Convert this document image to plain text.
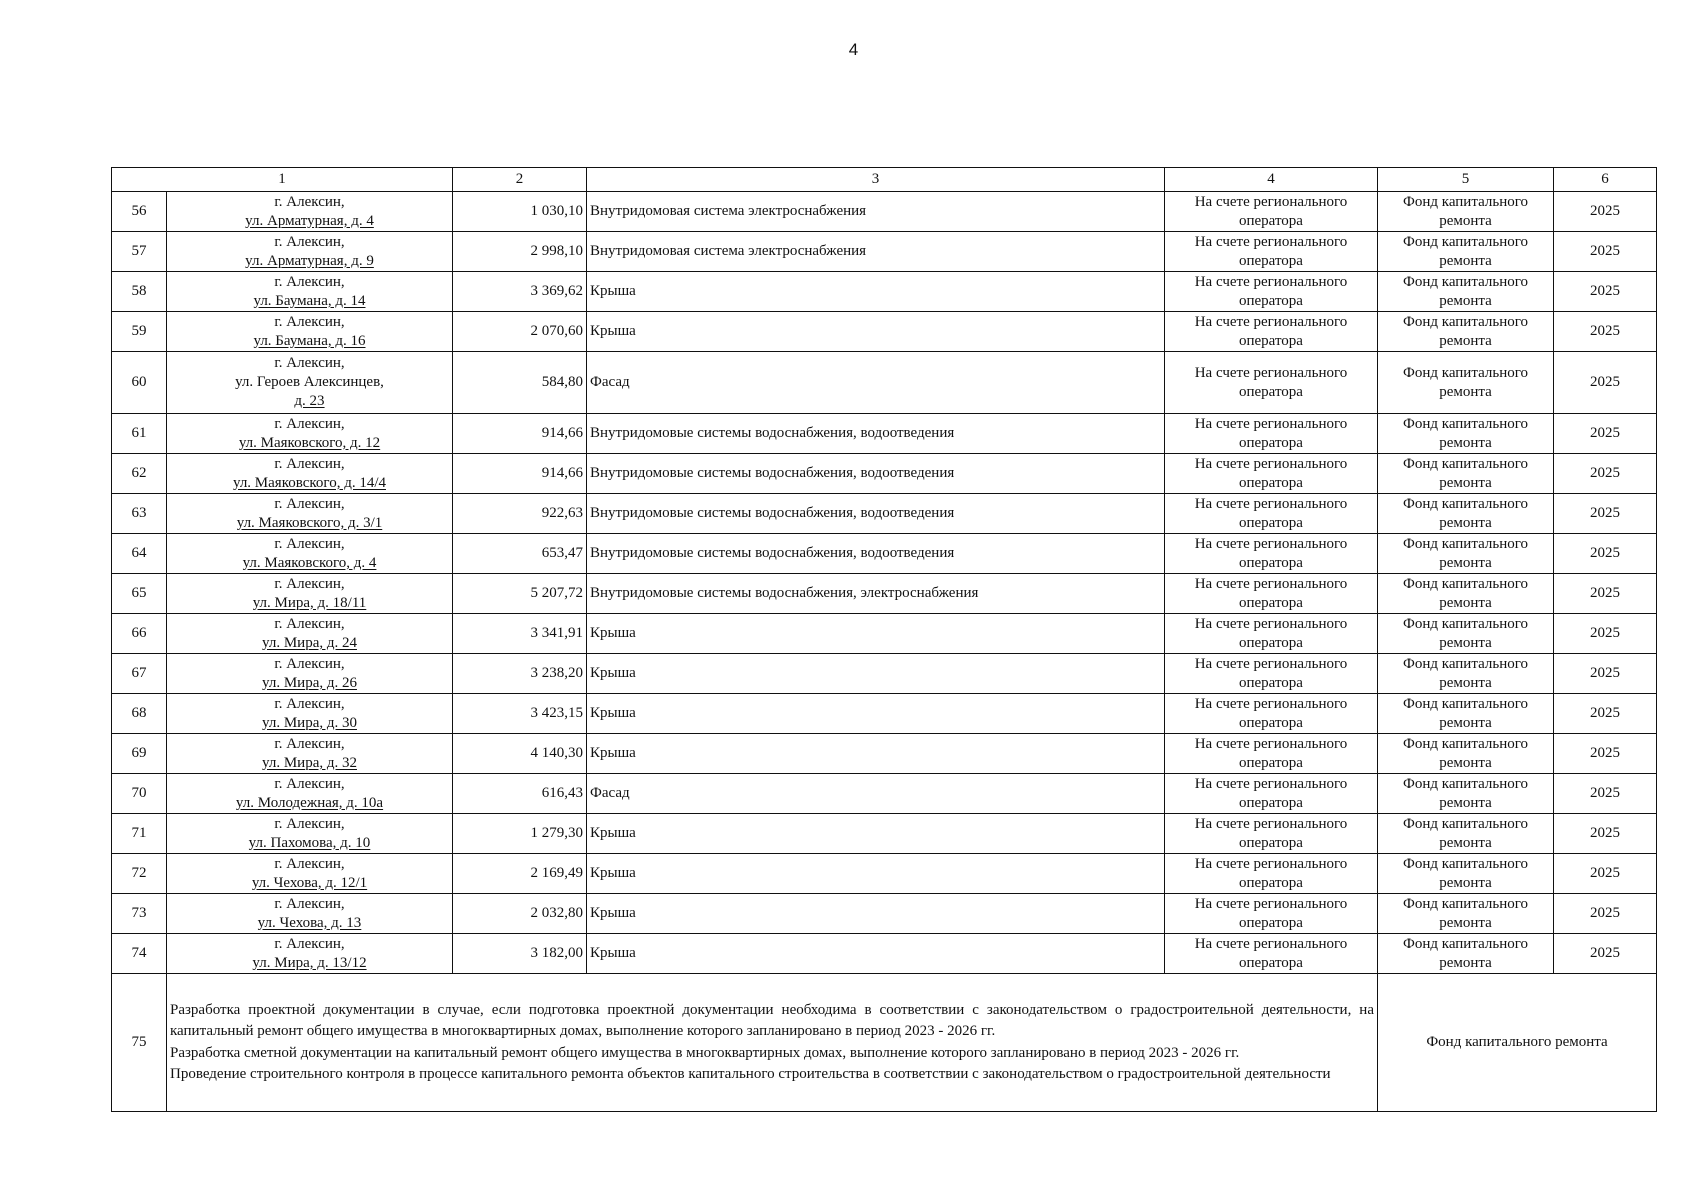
4
1		2	3	4	5	6
56	г. Алексин,
ул. Арматурная, д. 4	1 030,10	Внутридомовая система электроснабжения	На счете регионального оператора	Фонд капитального ремонта	2025
57	г. Алексин,
ул. Арматурная, д. 9	2 998,10	Внутридомовая система электроснабжения	На счете регионального оператора	Фонд капитального ремонта	2025
58	г. Алексин,
ул. Баумана, д. 14	3 369,62	Крыша	На счете регионального оператора	Фонд капитального ремонта	2025
59	г. Алексин,
ул. Баумана, д. 16	2 070,60	Крыша	На счете регионального оператора	Фонд капитального ремонта	2025
60	г. Алексин,
ул. Героев Алексинцев,
д. 23	584,80	Фасад	На счете регионального оператора	Фонд капитального ремонта	2025
61	г. Алексин,
ул. Маяковского, д. 12	914,66	Внутридомовые системы водоснабжения, водоотведения	На счете регионального оператора	Фонд капитального ремонта	2025
62	г. Алексин,
ул. Маяковского, д. 14/4	914,66	Внутридомовые системы водоснабжения, водоотведения	На счете регионального оператора	Фонд капитального ремонта	2025
63	г. Алексин,
ул. Маяковского, д. 3/1	922,63	Внутридомовые системы водоснабжения, водоотведения	На счете регионального оператора	Фонд капитального ремонта	2025
64	г. Алексин,
ул. Маяковского, д. 4	653,47	Внутридомовые системы водоснабжения, водоотведения	На счете регионального оператора	Фонд капитального ремонта	2025
65	г. Алексин,
ул. Мира, д. 18/11	5 207,72	Внутридомовые системы водоснабжения, электроснабжения	На счете регионального оператора	Фонд капитального ремонта	2025
66	г. Алексин,
ул. Мира, д. 24	3 341,91	Крыша	На счете регионального оператора	Фонд капитального ремонта	2025
67	г. Алексин,
ул. Мира, д. 26	3 238,20	Крыша	На счете регионального оператора	Фонд капитального ремонта	2025
68	г. Алексин,
ул. Мира, д. 30	3 423,15	Крыша	На счете регионального оператора	Фонд капитального ремонта	2025
69	г. Алексин,
ул. Мира, д. 32	4 140,30	Крыша	На счете регионального оператора	Фонд капитального ремонта	2025
70	г. Алексин,
ул. Молодежная, д. 10а	616,43	Фасад	На счете регионального оператора	Фонд капитального ремонта	2025
71	г. Алексин,
ул. Пахомова, д. 10	1 279,30	Крыша	На счете регионального оператора	Фонд капитального ремонта	2025
72	г. Алексин,
ул. Чехова, д. 12/1	2 169,49	Крыша	На счете регионального оператора	Фонд капитального ремонта	2025
73	г. Алексин,
ул. Чехова, д. 13	2 032,80	Крыша	На счете регионального оператора	Фонд капитального ремонта	2025
74	г. Алексин,
ул. Мира, д. 13/12	3 182,00	Крыша	На счете регионального оператора	Фонд капитального ремонта	2025
75	Разработка проектной документации в случае, если подготовка проектной документации необходима в соответствии с законодательством о градостроительной деятельности, на капитальный ремонт общего имущества в многоквартирных домах, выполнение которого запланировано в период 2023 - 2026 гг.

Разработка сметной документации на капитальный ремонт общего имущества в многоквартирных домах, выполнение которого запланировано в период 2023 - 2026 гг.

Проведение строительного контроля в процессе капитального ремонта объектов капитального строительства в соответствии с законодательством о градостроительной деятельности				Фонд капитального ремонта	
